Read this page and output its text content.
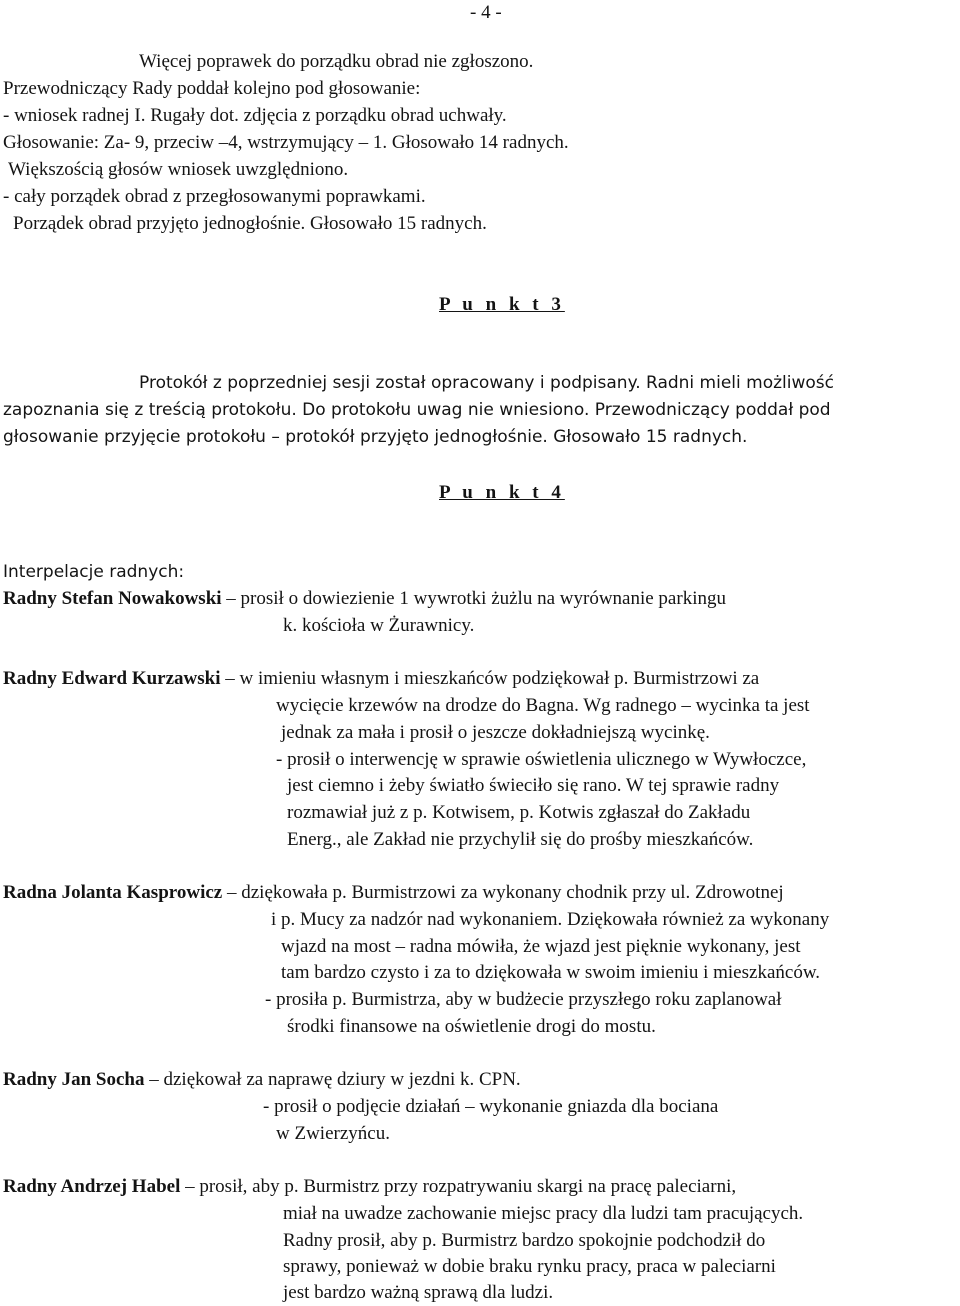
- 4 -
Więcej poprawek do porządku obrad nie zgłoszono.
Przewodniczący Rady poddał kolejno pod głosowanie:
- wniosek radnej I. Rugały dot. zdjęcia z porządku obrad uchwały.
Głosowanie: Za- 9, przeciw –4, wstrzymujący – 1. Głosowało 14 radnych.
Większością głosów wniosek uwzględniono.
- cały porządek obrad z przegłosowanymi poprawkami.
Porządek obrad przyjęto jednogłośnie. Głosowało 15 radnych.
P u n k t 3
Protokół z poprzedniej sesji został opracowany i podpisany. Radni mieli możliwość
zapoznania się z treścią protokołu. Do protokołu uwag nie wniesiono. Przewodniczący poddał pod
głosowanie przyjęcie protokołu – protokół przyjęto jednogłośnie. Głosowało 15 radnych.
P u n k t 4
Interpelacje radnych:
Radny Stefan Nowakowski – prosił o dowiezienie 1 wywrotki żużlu na wyrównanie parkingu
k. kościoła w Żurawnicy.
Radny Edward Kurzawski – w imieniu własnym i mieszkańców podziękował p. Burmistrzowi za
wycięcie krzewów na drodze do Bagna. Wg radnego – wycinka ta jest
jednak za mała i prosił o jeszcze dokładniejszą wycinkę.
- prosił o interwencję w sprawie oświetlenia ulicznego w Wywłoczce,
jest ciemno i żeby światło świeciło się rano. W tej sprawie radny
rozmawiał już z p. Kotwisem, p. Kotwis zgłaszał do Zakładu
Energ., ale Zakład nie przychylił się do prośby mieszkańców.
Radna Jolanta Kasprowicz – dziękowała p. Burmistrzowi za wykonany chodnik przy ul. Zdrowotnej
i p. Mucy za nadzór nad wykonaniem. Dziękowała również za wykonany
wjazd na most – radna mówiła, że wjazd jest pięknie wykonany, jest
tam bardzo czysto i za to dziękowała w swoim imieniu i mieszkańców.
- prosiła p. Burmistrza, aby w budżecie przyszłego roku zaplanował
środki finansowe na oświetlenie drogi do mostu.
Radny Jan Socha – dziękował za naprawę dziury w jezdni k. CPN.
- prosił o podjęcie działań – wykonanie gniazda dla bociana
w Zwierzyńcu.
Radny Andrzej Habel – prosił, aby p. Burmistrz przy rozpatrywaniu skargi na pracę paleciarni,
miał na uwadze zachowanie miejsc pracy dla ludzi tam pracujących.
Radny prosił, aby p. Burmistrz bardzo spokojnie podchodził do
sprawy, ponieważ w dobie braku rynku pracy, praca w paleciarni
jest bardzo ważną sprawą dla ludzi.
